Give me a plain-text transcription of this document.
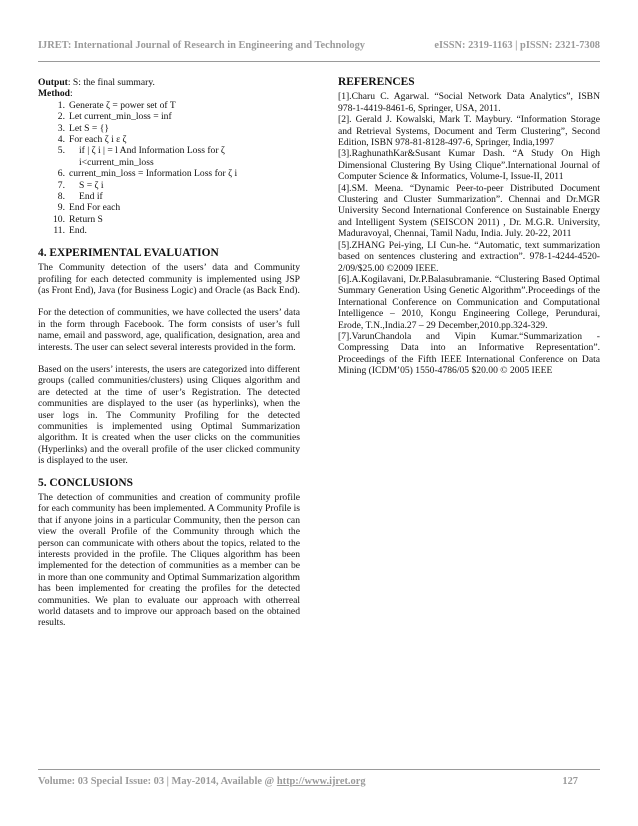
IJRET: International Journal of Research in Engineering and Technology	eISSN: 2319-1163 | pISSN: 2321-7308
Output: S: the final summary.
Method:
1. Generate ζ = power set of T
2. Let current_min_loss = inf
3. Let S = {}
4. For each ζ i ε ζ
5.	if | ζ i | = l And Information Loss for ζ i<current_min_loss
6. current_min_loss = Information Loss for ζ i
7.	S = ζ i
8.	End if
9. End For each
10. Return S
11. End.
4. EXPERIMENTAL EVALUATION

The Community detection of the users’ data and Community profiling for each detected community is implemented using JSP (as Front End), Java (for Business Logic) and Oracle (as Back End).

For the detection of communities, we have collected the users’ data in the form through Facebook. The form consists of user’s full name, email and password, age, qualification, designation, area and interests. The user can select several interests provided in the form.

Based on the users’ interests, the users are categorized into different groups (called communities/clusters) using Cliques algorithm and are detected at the time of user’s Registration. The detected communities are displayed to the user (as hyperlinks), when the user logs in. The Community Profiling for the detected communities is implemented using Optimal Summarization algorithm. It is created when the user clicks on the communities (Hyperlinks) and the overall profile of the user clicked community is displayed to the user.

5. CONCLUSIONS

The detection of communities and creation of community profile for each community has been implemented. A Community Profile is that if anyone joins in a particular Community, then the person can view the overall Profile of the Community through which the person can communicate with others about the topics, related to the interests provided in the profile. The Cliques algorithm has been implemented for the detection of communities as a member can be in more than one community and Optimal Summarization algorithm has been implemented for creating the profiles for the detected communities. We plan to evaluate our approach with otherreal world datasets and to improve our approach based on the obtained results.

REFERENCES

[1].Charu C. Agarwal. “Social Network Data Analytics”, ISBN 978-1-4419-8461-6, Springer, USA, 2011.

[2]. Gerald J. Kowalski, Mark T. Maybury. “Information Storage and Retrieval Systems, Document and Term Clustering”, Second Edition, ISBN 978-81-8128-497-6, Springer, India,1997

[3].RaghunathKar&Susant Kumar Dash. “A Study On High Dimensional Clustering By Using Clique”.International Journal of Computer Science & Informatics, Volume-I, Issue-II, 2011

[4].SM. Meena. “Dynamic Peer-to-peer Distributed Document Clustering and Cluster Summarization”. Chennai and Dr.MGR University Second International Conference on Sustainable Energy and Intelligent System (SEISCON 2011) , Dr. M.G.R. University, Maduravoyal, Chennai, Tamil Nadu, India. July. 20-22, 2011

[5].ZHANG Pei-ying, LI Cun-he. “Automatic, text summarization based on sentences clustering and extraction”. 978-1-4244-4520-2/09/$25.00 ©2009 IEEE.

[6].A.Kogilavani, Dr.P.Balasubramanie. “Clustering Based Optimal Summary Generation Using Genetic Algorithm”.Proceedings of the International Conference on Communication and Computational Intelligence – 2010, Kongu Engineering College, Perundurai, Erode, T.N.,India.27 – 29 December,2010.pp.324-329.

[7].VarunChandola and Vipin Kumar.“Summarization - Compressing Data into an Informative Representation”. Proceedings of the Fifth IEEE International Conference on Data Mining (ICDM’05) 1550-4786/05 $20.00 © 2005 IEEE

Volume: 03 Special Issue: 03 | May-2014, Available @ http://www.ijret.org	127
